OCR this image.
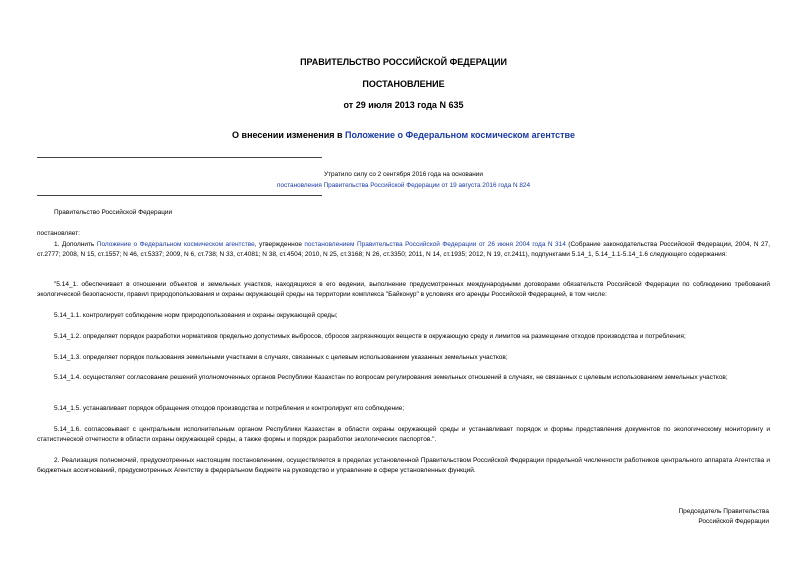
ПРАВИТЕЛЬСТВО РОССИЙСКОЙ ФЕДЕРАЦИИ
ПОСТАНОВЛЕНИЕ
от 29 июля 2013 года N 635
О внесении изменения в Положение о Федеральном космическом агентстве
Утратило силу со 2 сентября 2016 года на основании
постановления Правительства Российской Федерации от 19 августа 2016 года N 824
Правительство Российской Федерации
постановляет:
1. Дополнить Положение о Федеральном космическом агентстве, утвержденное постановлением Правительства Российской Федерации от 26 июня 2004 года N 314 (Собрание законодательства Российской Федерации, 2004, N 27, ст.2777; 2008, N 15, ст.1557; N 46, ст.5337; 2009, N 6, ст.738; N 33, ст.4081; N 38, ст.4504; 2010, N 25, ст.3168; N 26, ст.3350; 2011, N 14, ст.1935; 2012, N 19, ст.2411), подпунктами 5.14_1, 5.14_1.1-5.14_1.6 следующего содержания:
"5.14_1. обеспечивает в отношении объектов и земельных участков, находящихся в его ведении, выполнение предусмотренных международными договорами обязательств Российской Федерации по соблюдению требований экологической безопасности, правил природопользования и охраны окружающей среды на территории комплекса "Байконур" в условиях его аренды Российской Федерацией, в том числе:
5.14_1.1. контролирует соблюдение норм природопользования и охраны окружающей среды;
5.14_1.2. определяет порядок разработки нормативов предельно допустимых выбросов, сбросов загрязняющих веществ в окружающую среду и лимитов на размещение отходов производства и потребления;
5.14_1.3. определяет порядок пользования земельными участками в случаях, связанных с целевым использованием указанных земельных участков;
5.14_1.4. осуществляет согласование решений уполномоченных органов Республики Казахстан по вопросам регулирования земельных отношений в случаях, не связанных с целевым использованием земельных участков;
5.14_1.5. устанавливает порядок обращения отходов производства и потребления и контролирует его соблюдение;
5.14_1.6. согласовывает с центральным исполнительным органом Республики Казахстан в области охраны окружающей среды и устанавливает порядок и формы представления документов по экологическому мониторингу и статистической отчетности в области охраны окружающей среды, а также формы и порядок разработки экологических паспортов.".
2. Реализация полномочий, предусмотренных настоящим постановлением, осуществляется в пределах установленной Правительством Российской Федерации предельной численности работников центрального аппарата Агентства и бюджетных ассигнований, предусмотренных Агентству в федеральном бюджете на руководство и управление в сфере установленных функций.
Председатель Правительства
Российской Федерации
